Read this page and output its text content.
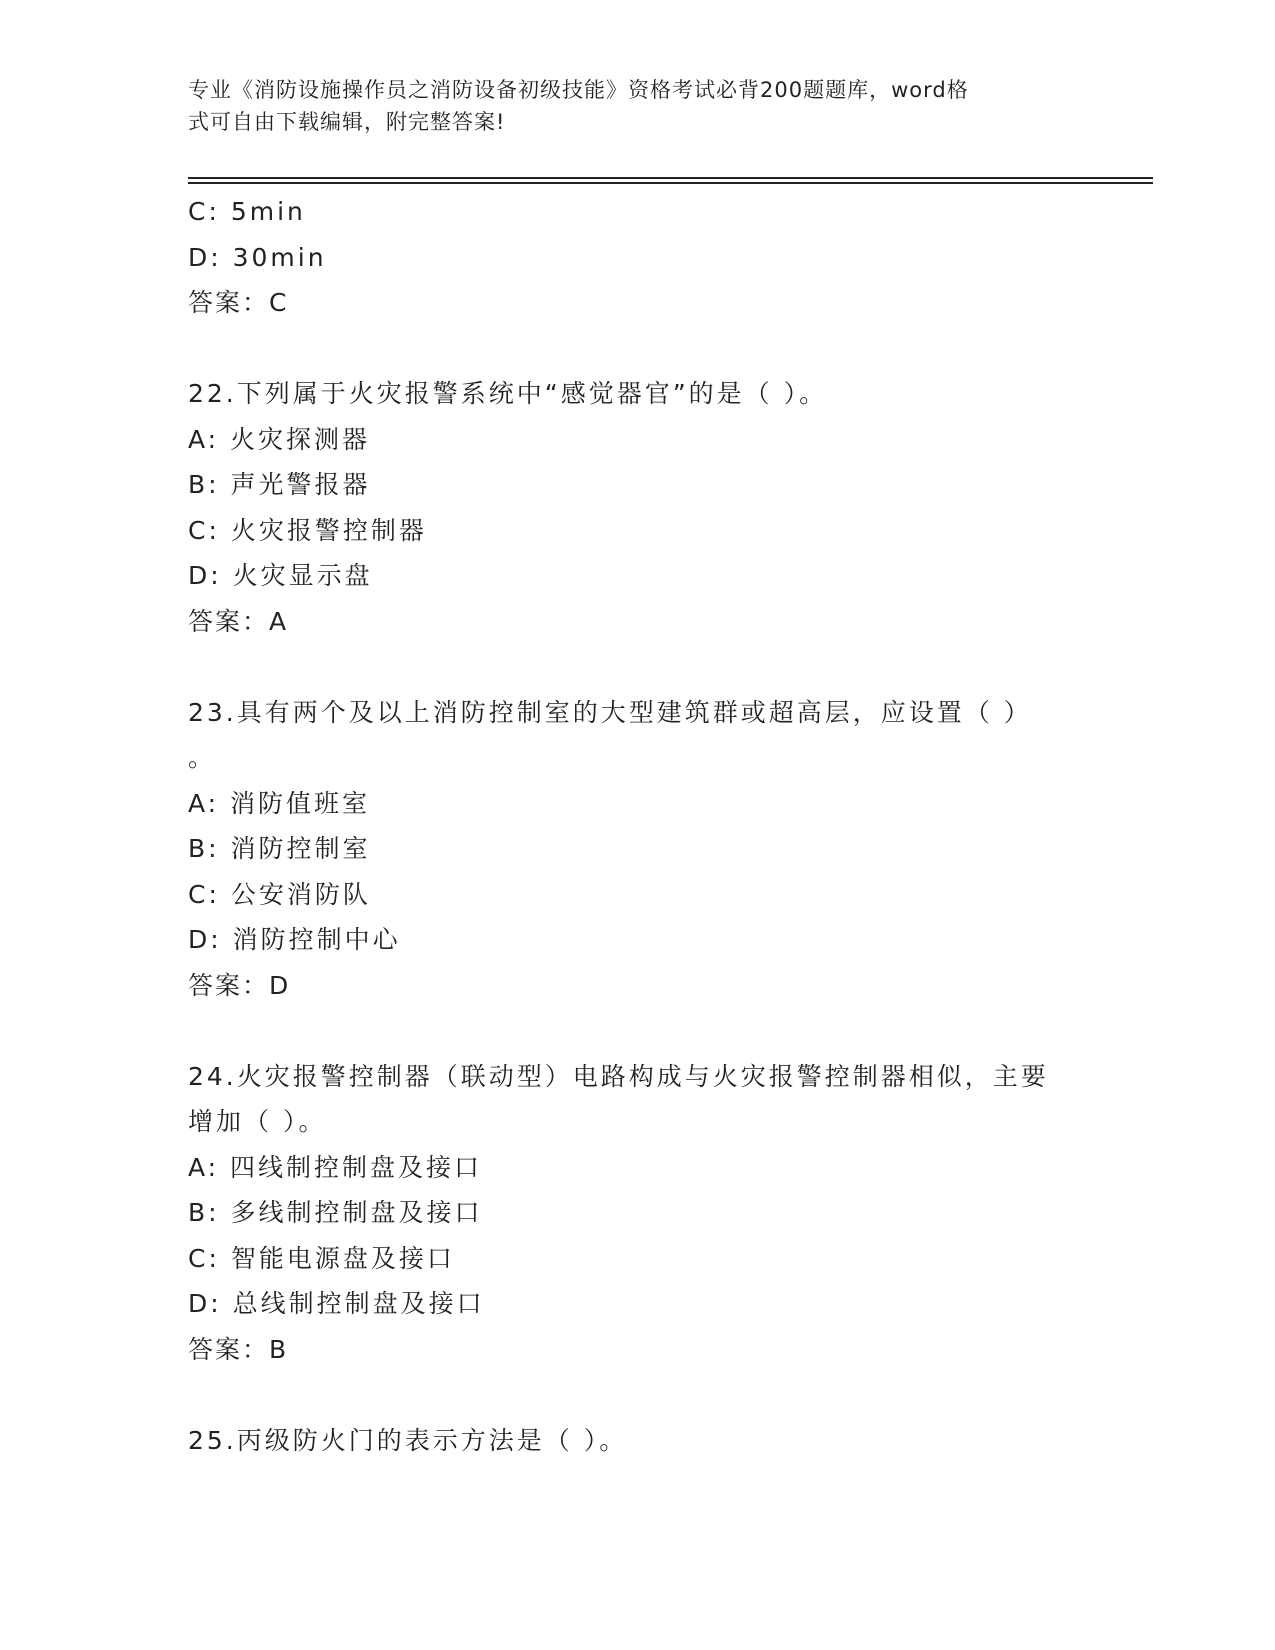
专业《消防设施操作员之消防设备初级技能》资格考试必背200题题库，word格
式可自由下载编辑，附完整答案!
C: 5min
D: 30min
答案：C
22.下列属于火灾报警系统中“感觉器官”的是（ ）。
A: 火灾探测器
B: 声光警报器
C: 火灾报警控制器
D: 火灾显示盘
答案：A
23.具有两个及以上消防控制室的大型建筑群或超高层，应设置（ ）
。
A: 消防值班室
B: 消防控制室
C: 公安消防队
D: 消防控制中心
答案：D
24.火灾报警控制器（联动型）电路构成与火灾报警控制器相似，主要
增加（ ）。
A: 四线制控制盘及接口
B: 多线制控制盘及接口
C: 智能电源盘及接口
D: 总线制控制盘及接口
答案：B
25.丙级防火门的表示方法是（ ）。
